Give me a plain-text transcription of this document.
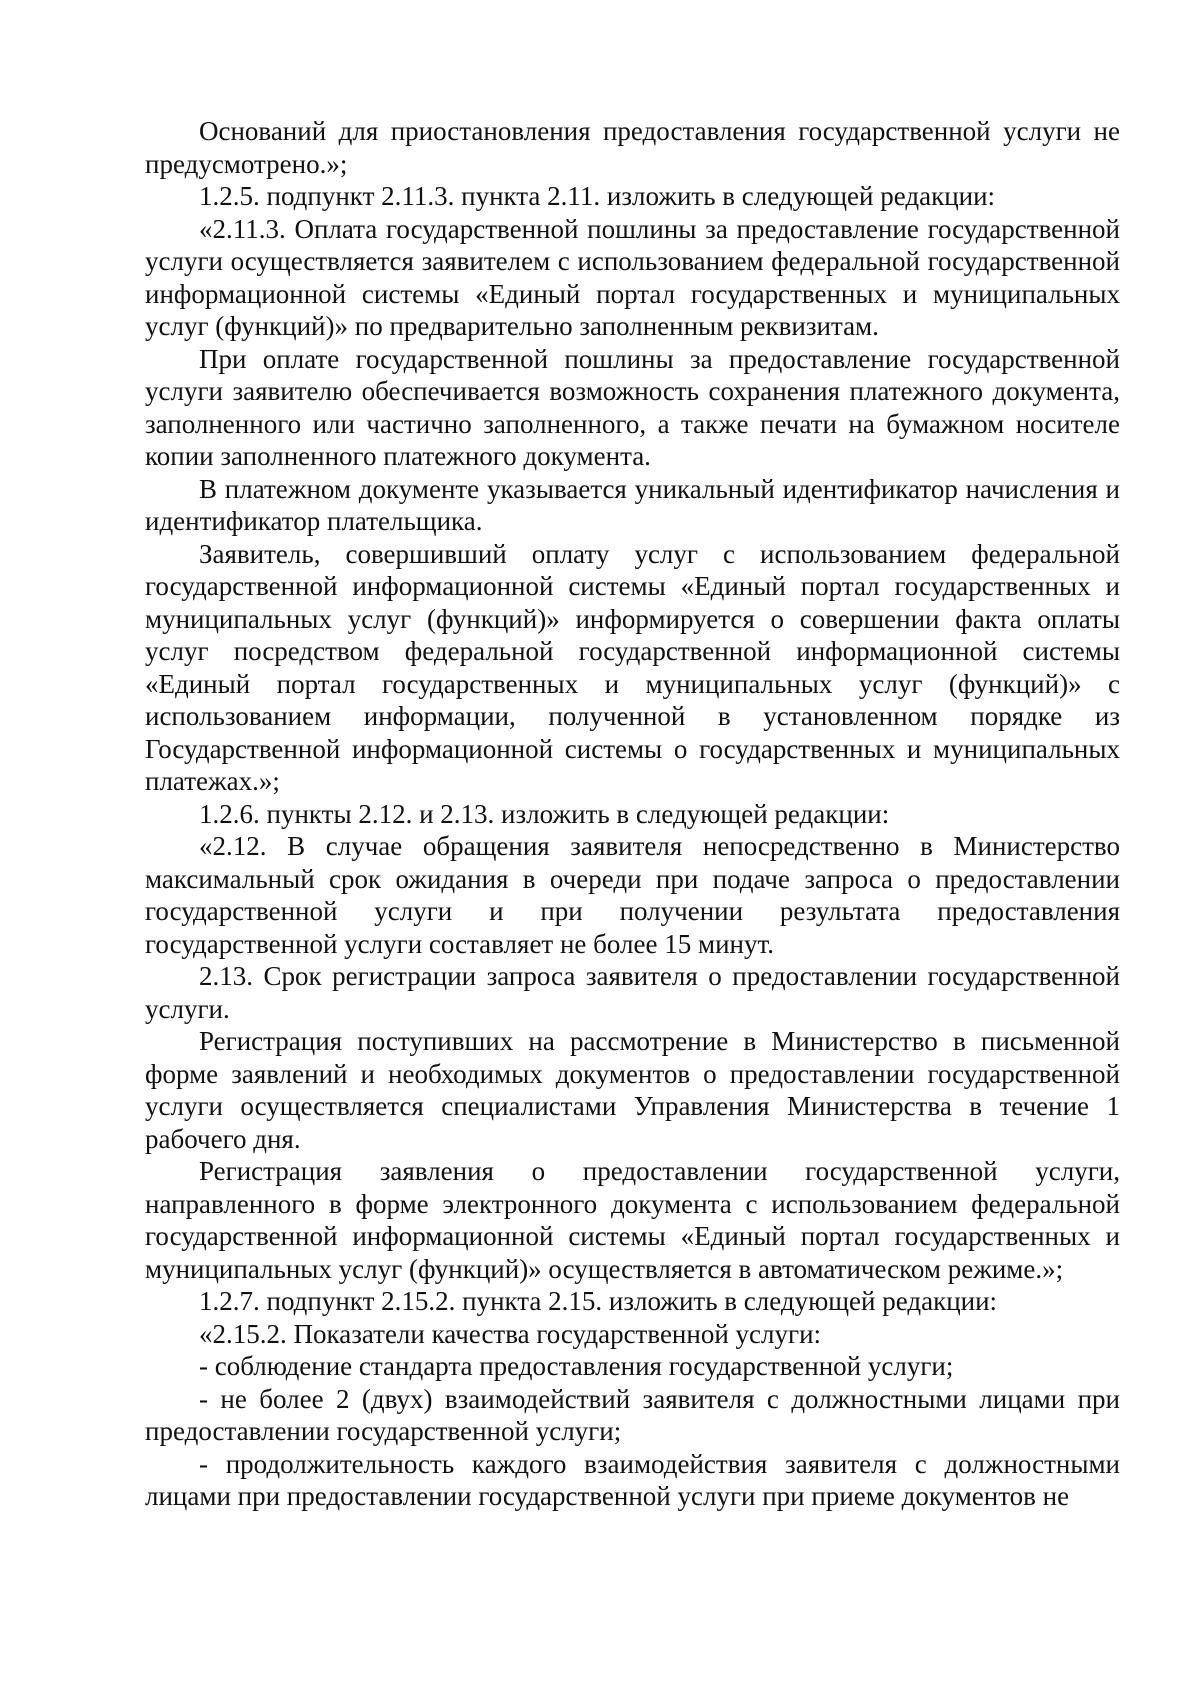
Оснований для приостановления предоставления государственной услуги не предусмотрено.»;

1.2.5. подпункт 2.11.3. пункта 2.11. изложить в следующей редакции:

«2.11.3. Оплата государственной пошлины за предоставление государственной услуги осуществляется заявителем с использованием федеральной государственной информационной системы «Единый портал государственных и муниципальных услуг (функций)» по предварительно заполненным реквизитам.

При оплате государственной пошлины за предоставление государственной услуги заявителю обеспечивается возможность сохранения платежного документа, заполненного или частично заполненного, а также печати на бумажном носителе копии заполненного платежного документа.

В платежном документе указывается уникальный идентификатор начисления и идентификатор плательщика.

Заявитель, совершивший оплату услуг с использованием федеральной государственной информационной системы «Единый портал государственных и муниципальных услуг (функций)» информируется о совершении факта оплаты услуг посредством федеральной государственной информационной системы «Единый портал государственных и муниципальных услуг (функций)» с использованием информации, полученной в установленном порядке из Государственной информационной системы о государственных и муниципальных платежах.»;

1.2.6. пункты 2.12. и 2.13. изложить в следующей редакции:

«2.12. В случае обращения заявителя непосредственно в Министерство максимальный срок ожидания в очереди при подаче запроса о предоставлении государственной услуги и при получении результата предоставления государственной услуги составляет не более 15 минут.

2.13. Срок регистрации запроса заявителя о предоставлении государственной услуги.

Регистрация поступивших на рассмотрение в Министерство в письменной форме заявлений и необходимых документов о предоставлении государственной услуги осуществляется специалистами Управления Министерства в течение 1 рабочего дня.

Регистрация заявления о предоставлении государственной услуги, направленного в форме электронного документа с использованием федеральной государственной информационной системы «Единый портал государственных и муниципальных услуг (функций)» осуществляется в автоматическом режиме.»;

1.2.7. подпункт 2.15.2. пункта 2.15. изложить в следующей редакции:

«2.15.2. Показатели качества государственной услуги:

- соблюдение стандарта предоставления государственной услуги;

- не более 2 (двух) взаимодействий заявителя с должностными лицами при предоставлении государственной услуги;

- продолжительность каждого взаимодействия заявителя с должностными лицами при предоставлении государственной услуги при приеме документов не
